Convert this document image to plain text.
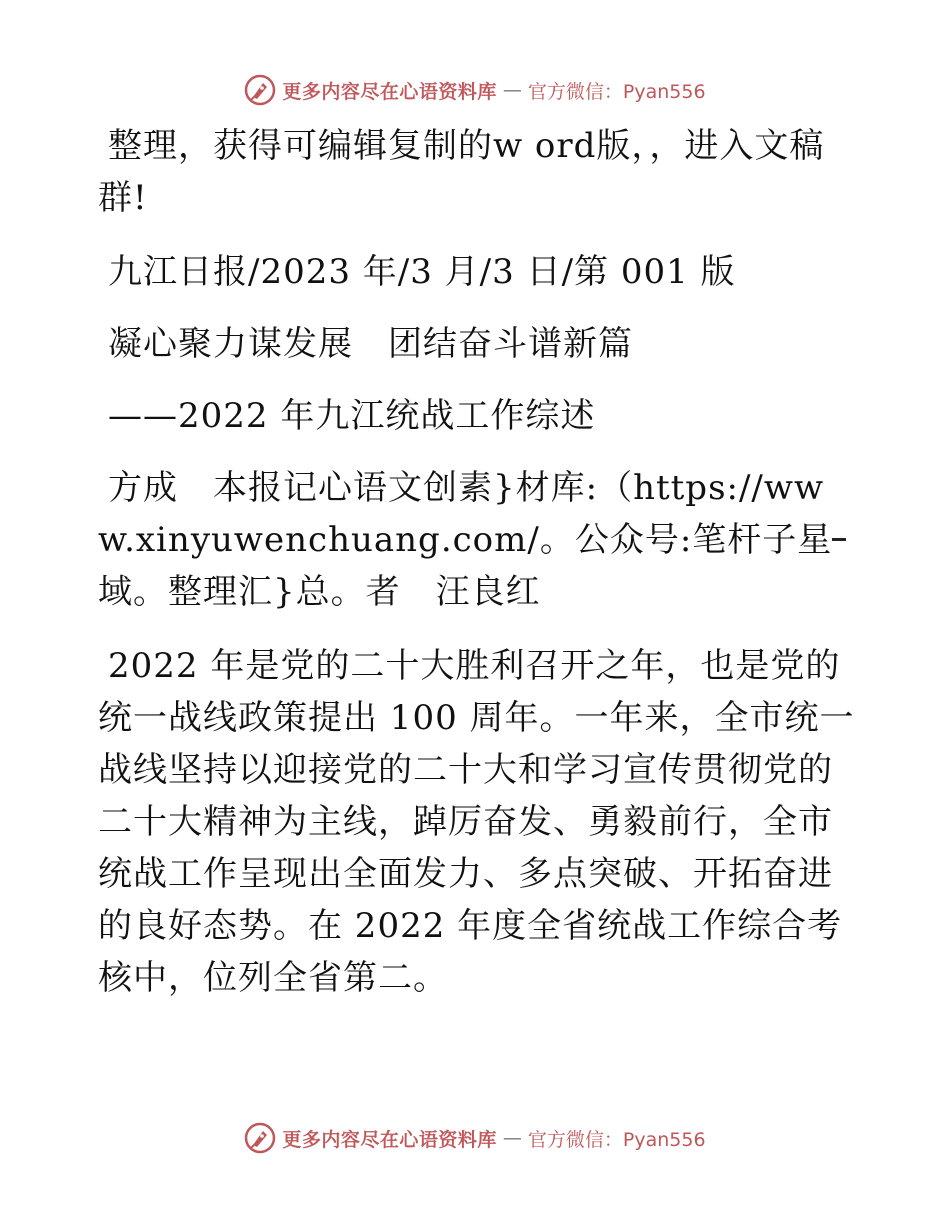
更多内容尽在心语资料库 — 官方微信：Pyan556

整理，获得可编辑复制的w ord版，，进入文稿群!

九江日报/2023 年/3 月/3 日/第 001 版

凝心聚力谋发展　团结奋斗谱新篇

——2022 年九江统战工作综述

方成　本报记心语文创素}材库:（https://www.xinyuwenchuang.com/。公众号:笔杆子星域。整理汇}总。者　汪良红

2022 年是党的二十大胜利召开之年，也是党的统一战线政策提出 100 周年。一年来，全市统一战线坚持以迎接党的二十大和学习宣传贯彻党的二十大精神为主线，踔厉奋发、勇毅前行，全市统战工作呈现出全面发力、多点突破、开拓奋进的良好态势。在 2022 年度全省统战工作综合考核中，位列全省第二。

更多内容尽在心语资料库 — 官方微信：Pyan556
